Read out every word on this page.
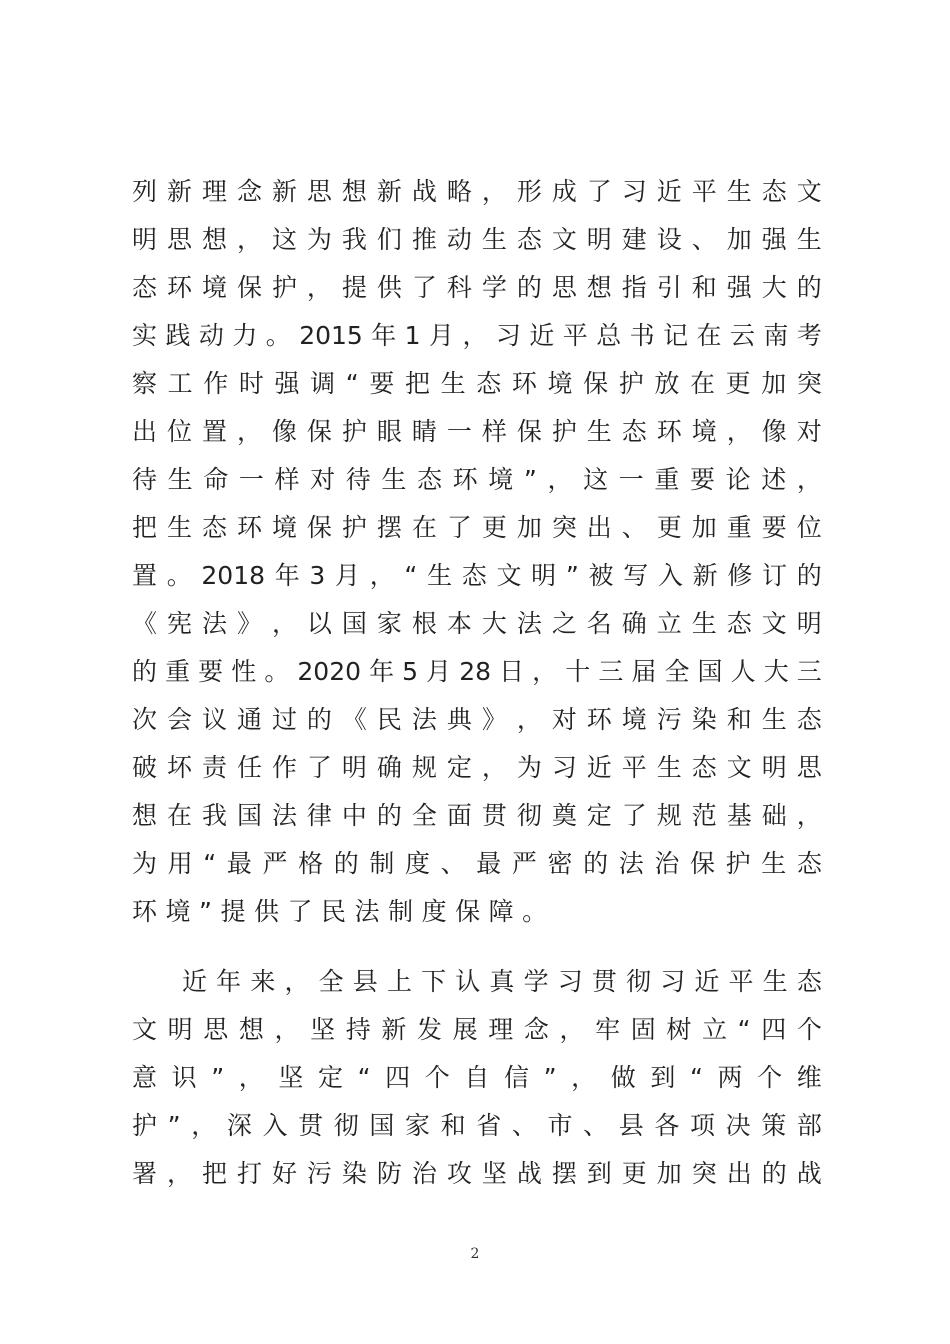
列 新 理 念 新 思 想 新 战 略 ， 形 成 了 习 近 平 生 态 文
明 思 想 ， 这 为 我 们 推 动 生 态 文 明 建 设 、 加 强 生
态 环 境 保 护 ， 提 供 了 科 学 的 思 想 指 引 和 强 大 的
实 践 动 力 。 2015 年 1 月 ， 习 近 平 总 书 记 在 云 南 考
察 工 作 时 强 调 “ 要 把 生 态 环 境 保 护 放 在 更 加 突
出 位 置 ， 像 保 护 眼 睛 一 样 保 护 生 态 环 境 ， 像 对
待 生 命 一 样 对 待 生 态 环 境 ” ， 这 一 重 要 论 述 ，
把 生 态 环 境 保 护 摆 在 了 更 加 突 出 、 更 加 重 要 位
置 。 2018 年 3 月 ， “ 生 态 文 明 ” 被 写 入 新 修 订 的
《 宪 法 》 ， 以 国 家 根 本 大 法 之 名 确 立 生 态 文 明
的 重 要 性 。 2020 年 5 月 28 日 ， 十 三 届 全 国 人 大 三
次 会 议 通 过 的 《 民 法 典 》 ， 对 环 境 污 染 和 生 态
破 坏 责 任 作 了 明 确 规 定 ， 为 习 近 平 生 态 文 明 思
想 在 我 国 法 律 中 的 全 面 贯 彻 奠 定 了 规 范 基 础 ，
为 用 “ 最 严 格 的 制 度 、 最 严 密 的 法 治 保 护 生 态
环 境 ” 提 供 了 民 法 制 度 保 障 。
近 年 来 ， 全 县 上 下 认 真 学 习 贯 彻 习 近 平 生 态
文 明 思 想 ， 坚 持 新 发 展 理 念 ， 牢 固 树 立 “ 四 个
意 识 ” ， 坚 定 “ 四 个 自 信 ” ， 做 到 “ 两 个 维
护 ” ， 深 入 贯 彻 国 家 和 省 、 市 、 县 各 项 决 策 部
署 ， 把 打 好 污 染 防 治 攻 坚 战 摆 到 更 加 突 出 的 战
2
